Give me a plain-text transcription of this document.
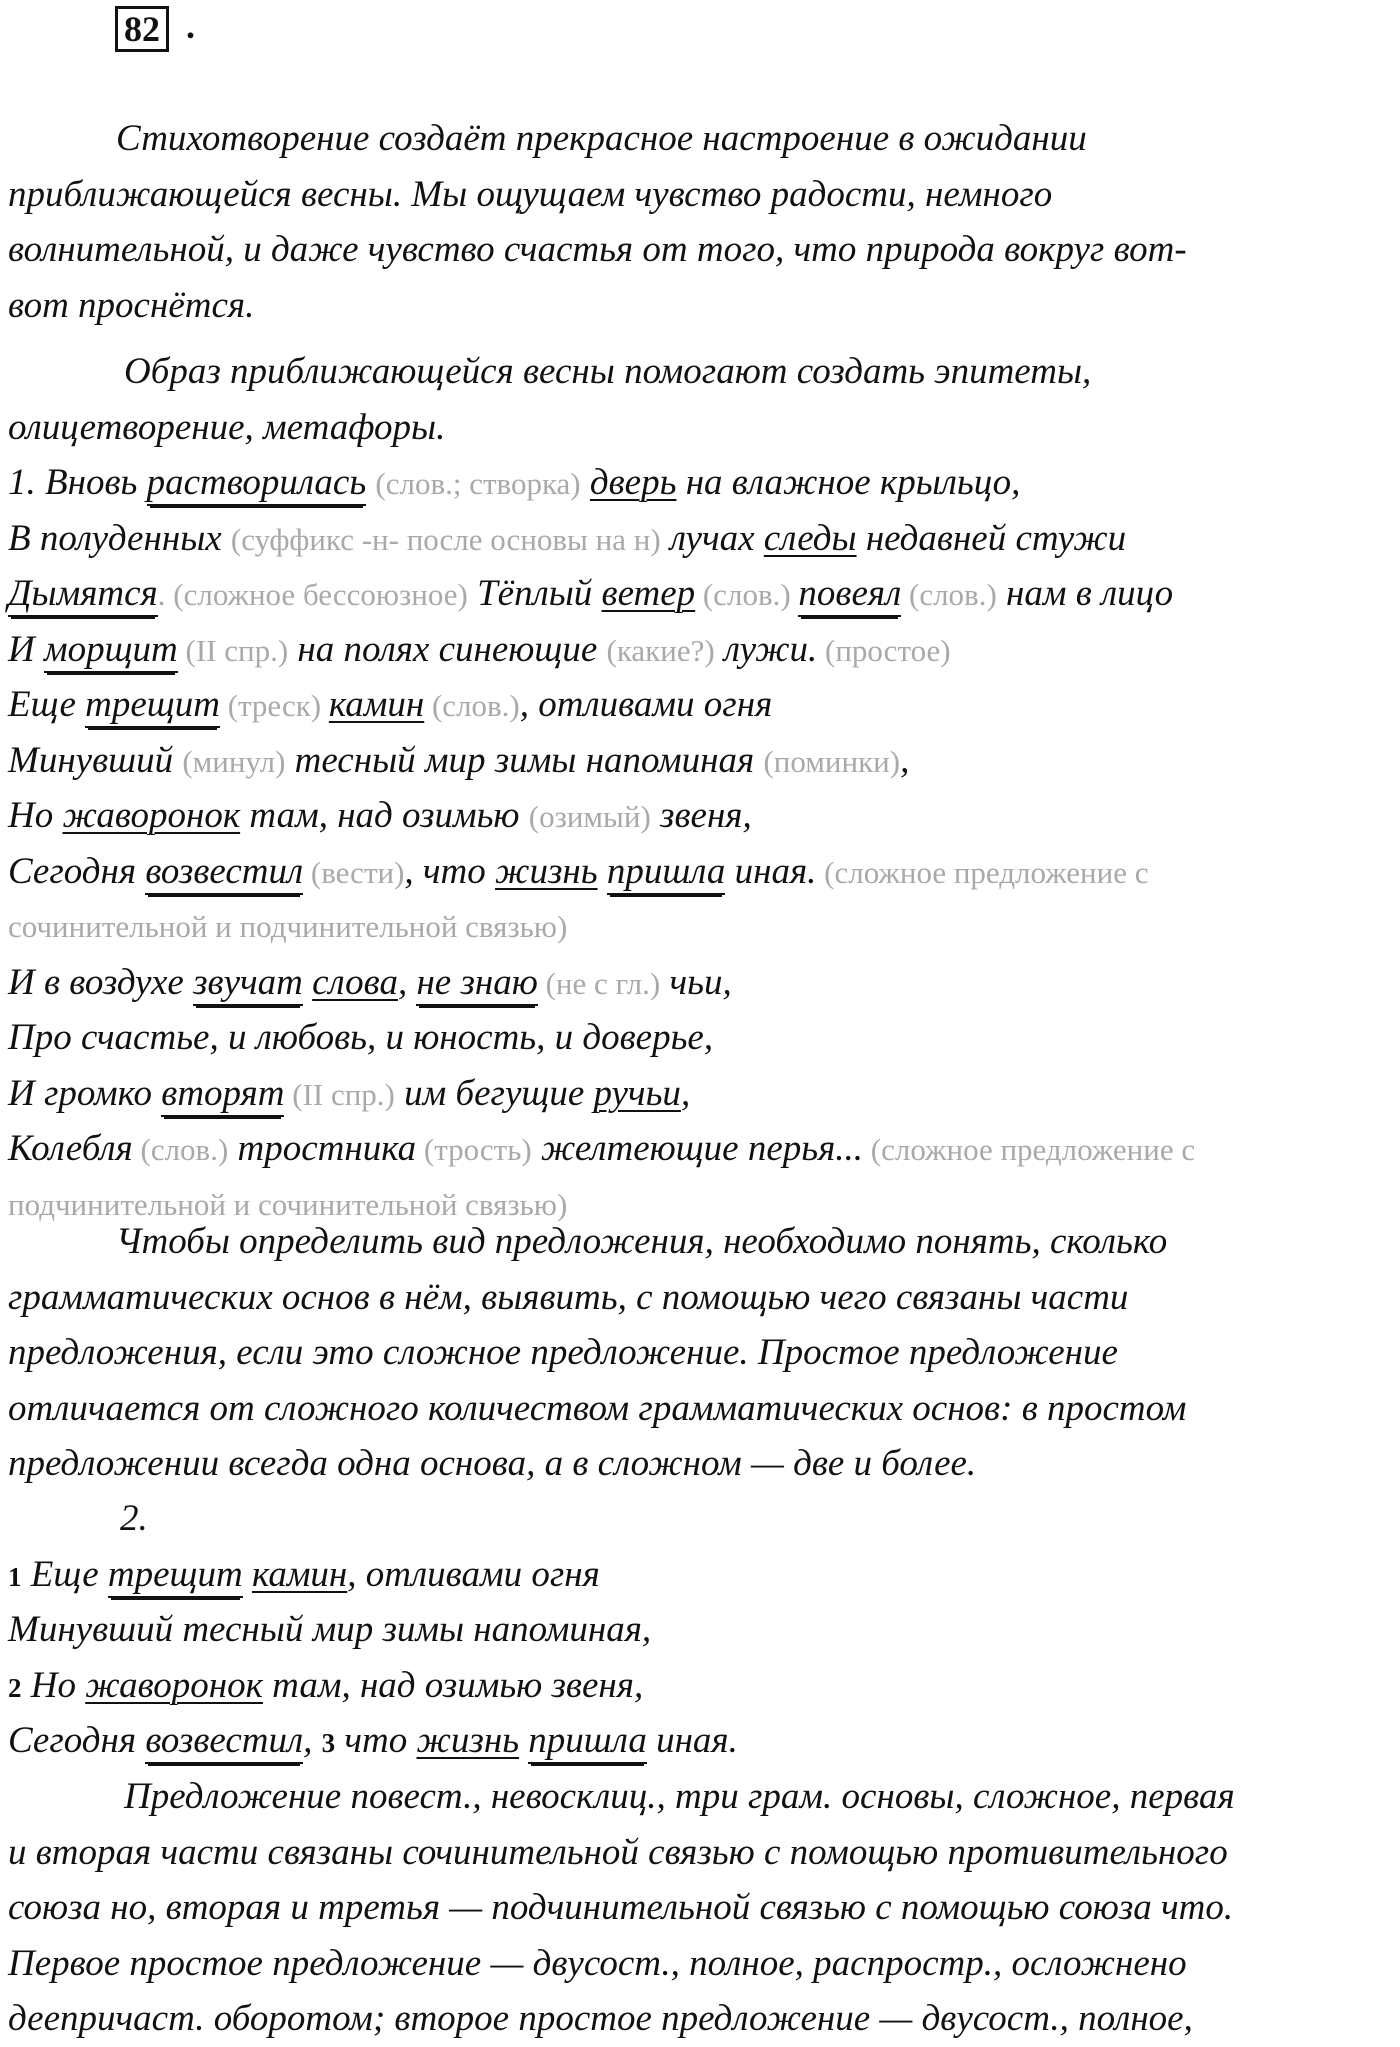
82 .
Стихотворение создаёт прекрасное настроение в ожидании
приближающейся весны. Мы ощущаем чувство радости, немного
волнительной, и даже чувство счастья от того, что природа вокруг вот-
вот проснётся.
Образ приближающейся весны помогают создать эпитеты,
олицетворение, метафоры.
1. Вновь растворилась (слов.; створка) дверь на влажное крыльцо,
В полуденных (суффикс -н- после основы на н) лучах следы недавней стужи
Дымятся. (сложное бессоюзное) Тёплый ветер (слов.) повеял (слов.) нам в лицо
И морщит (II спр.) на полях синеющие (какие?) лужи. (простое)
Еще трещит (треск) камин (слов.), отливами огня
Минувший (минул) тесный мир зимы напоминая (поминки),
Но жаворонок там, над озимью (озимый) звеня,
Сегодня возвестил (вести), что жизнь пришла иная. (сложное предложение с
сочинительной и подчинительной связью)
И в воздухе звучат слова, не знаю (не с гл.) чьи,
Про счастье, и любовь, и юность, и доверье,
И громко вторят (II спр.) им бегущие ручьи,
Колебля (слов.) тростника (трость) желтеющие перья... (сложное предложение с
подчинительной и сочинительной связью)
Чтобы определить вид предложения, необходимо понять, сколько
грамматических основ в нём, выявить, с помощью чего связаны части
предложения, если это сложное предложение. Простое предложение
отличается от сложного количеством грамматических основ: в простом
предложении всегда одна основа, а в сложном — две и более.
2.
1 Еще трещит камин, отливами огня
Минувший тесный мир зимы напоминая,
2 Но жаворонок там, над озимью звеня,
Сегодня возвестил, 3 что жизнь пришла иная.
Предложение повест., невосклиц., три грам. основы, сложное, первая
и вторая части связаны сочинительной связью с помощью противительного
союза но, вторая и третья — подчинительной связью с помощью союза что.
Первое простое предложение — двусост., полное, распростр., осложнено
деепричаст. оборотом; второе простое предложение — двусост., полное,
